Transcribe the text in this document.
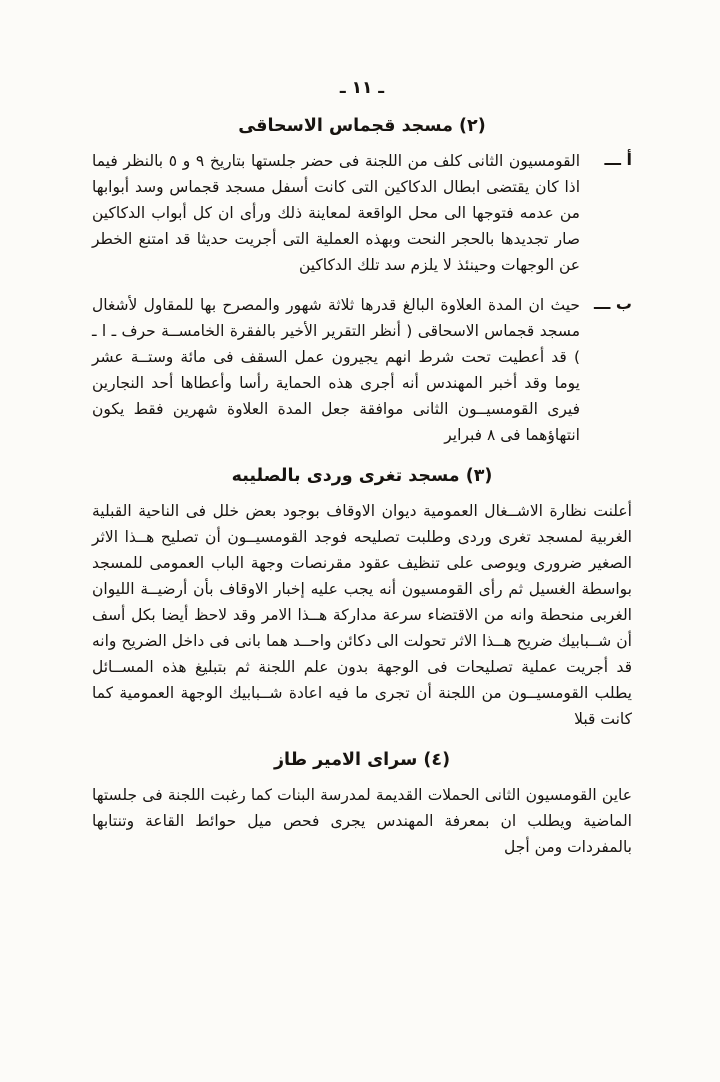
ـ ١١ ـ
(٢) مسجد قجماس الاسحاقى
أ ـــ

القومسيون الثانى كلف من اللجنة فى حضر جلستها بتاريخ ٩ و ٥ بالنظر فيما اذا كان يقتضى ابطال الدكاكين التى كانت أسفل مسجد قجماس وسد أبوابها من عدمه فتوجها الى محل الواقعة لمعاينة ذلك ورأى ان كل أبواب الدكاكين صار تجديدها بالحجر النحت وبهذه العملية التى أجريت حديثا قد امتنع الخطر عن الوجهات وحينئذ لا يلزم سد تلك الدكاكين

ب ـــ

حيث ان المدة العلاوة البالغ قدرها ثلاثة شهور والمصرح بها للمقاول لأشغال مسجد قجماس الاسحاقى ( أنظر التقرير الأخير بالفقرة الخامســة حرف ـ ا ـ ) قد أعطيت تحت شرط انهم يجيرون عمل السقف فى مائة وستــة عشر يوما وقد أخبر المهندس أنه أجرى هذه الحماية رأسا وأعطاها أحد النجارين فيرى القومسيــون الثانى موافقة جعل المدة العلاوة شهرين فقط يكون انتهاؤهما فى ٨ فبراير

(٣) مسجد تغرى وردى بالصليبه

أعلنت نظارة الاشــغال العمومية ديوان الاوقاف بوجود بعض خلل فى الناحية القبلية الغربية لمسجد تغرى وردى وطلبت تصليحه فوجد القومسيــون أن تصليح هــذا الاثر الصغير ضرورى ويوصى على تنظيف عقود مقرنصات وجهة الباب العمومى للمسجد بواسطة الغسيل ثم رأى القومسيون أنه يجب عليه إخبار الاوقاف بأن أرضيــة الليوان الغربى منحطة وانه من الاقتضاء سرعة مداركة هــذا الامر وقد لاحظ أيضا بكل أسف أن شــبابيك ضريح هــذا الاثر تحولت الى دكائن واحــد هما بانى فى داخل الضريح وانه قد أجريت عملية تصليحات فى الوجهة بدون علم اللجنة ثم بتبليغ هذه المســائل يطلب القومسيــون من اللجنة أن تجرى ما فيه اعادة شــبابيك الوجهة العمومية كما كانت قبلا

(٤) سراى الامير طاز

عاين القومسيون الثانى الحملات القديمة لمدرسة البنات كما رغبت اللجنة فى جلستها الماضية ويطلب ان بمعرفة المهندس يجرى فحص ميل حوائط القاعة وتنتابها بالمفردات ومن أجل
